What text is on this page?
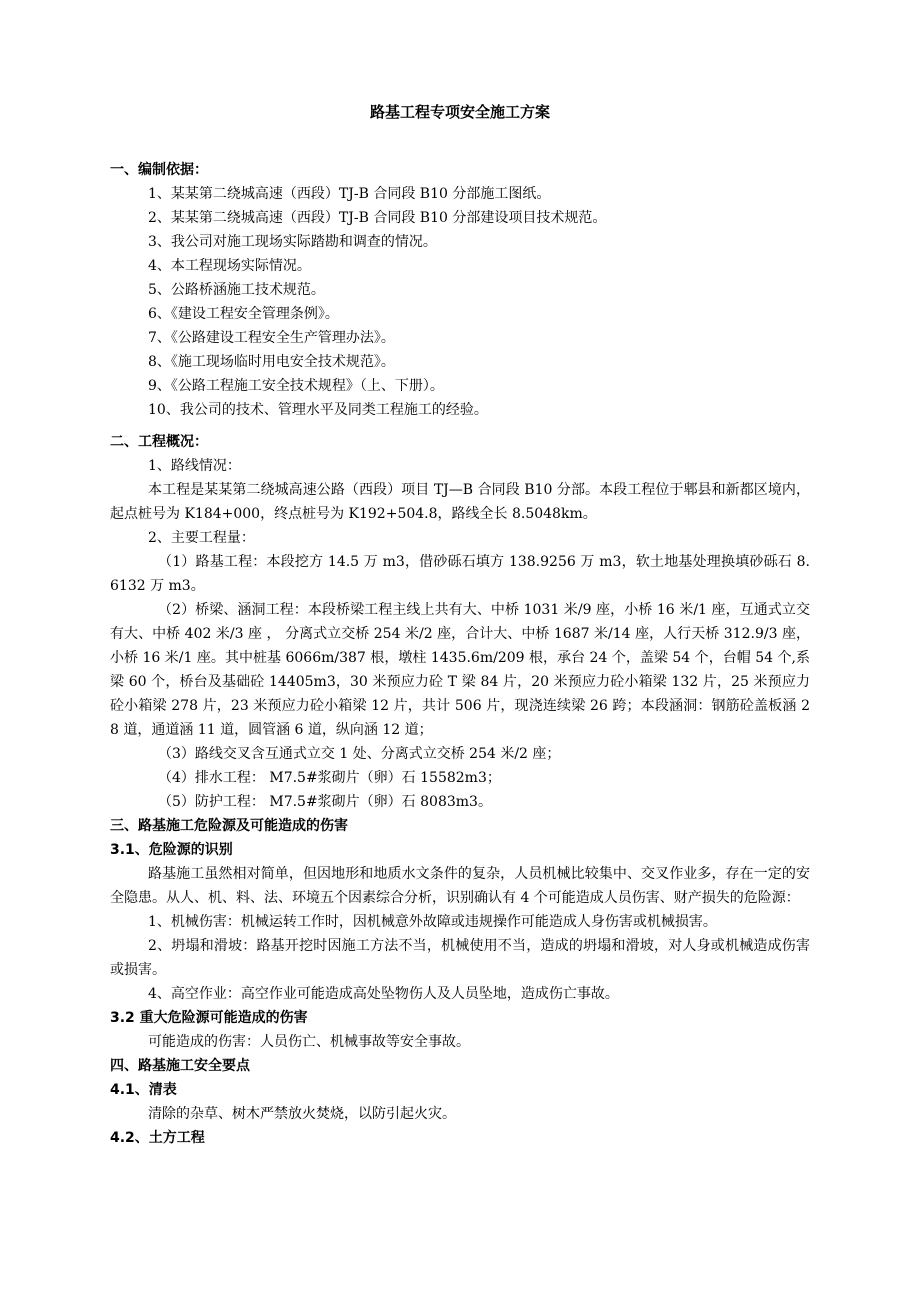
路基工程专项安全施工方案
一、编制依据：
1、某某第二绕城高速（西段）TJ-B 合同段 B10 分部施工图纸。
2、某某第二绕城高速（西段）TJ-B 合同段 B10 分部建设项目技术规范。
3、我公司对施工现场实际踏勘和调查的情况。
4、本工程现场实际情况。
5、公路桥涵施工技术规范。
6、《建设工程安全管理条例》。
7、《公路建设工程安全生产管理办法》。
8、《施工现场临时用电安全技术规范》。
9、《公路工程施工安全技术规程》（上、下册）。
10、我公司的技术、管理水平及同类工程施工的经验。
二、工程概况：
1、路线情况：
本工程是某某第二绕城高速公路（西段）项目 TJ—B 合同段 B10 分部。本段工程位于郫县和新都区境内，起点桩号为 K184+000，终点桩号为 K192+504.8，路线全长 8.5048km。
2、主要工程量：
（1）路基工程：本段挖方 14.5 万 m3，借砂砾石填方 138.9256 万 m3，软土地基处理换填砂砾石 8.6132 万 m3。
（2）桥梁、涵洞工程：本段桥梁工程主线上共有大、中桥 1031 米/9 座，小桥 16 米/1 座，互通式立交有大、中桥 402 米/3 座 ， 分离式立交桥 254 米/2 座，合计大、中桥 1687 米/14 座，人行天桥 312.9/3 座，小桥 16 米/1 座。其中桩基 6066m/387 根，墩柱 1435.6m/209 根，承台 24 个，盖梁 54 个，台帽 54 个,系梁 60 个，桥台及基础砼 14405m3，30 米预应力砼 T 梁 84 片，20 米预应力砼小箱梁 132 片，25 米预应力砼小箱梁 278 片，23 米预应力砼小箱梁 12 片，共计 506 片，现浇连续梁 26 跨；本段涵洞：钢筋砼盖板涵 28 道，通道涵 11 道，圆管涵 6 道，纵向涵 12 道；
（3）路线交叉含互通式立交 1 处、分离式立交桥 254 米/2 座；
（4）排水工程： M7.5#浆砌片（卵）石 15582m3；
（5）防护工程： M7.5#浆砌片（卵）石 8083m3。
三、路基施工危险源及可能造成的伤害
3.1、危险源的识别
路基施工虽然相对简单，但因地形和地质水文条件的复杂，人员机械比较集中、交叉作业多，存在一定的安全隐患。从人、机、料、法、环境五个因素综合分析，识别确认有 4 个可能造成人员伤害、财产损失的危险源：
1、机械伤害：机械运转工作时，因机械意外故障或违规操作可能造成人身伤害或机械损害。
2、坍塌和滑坡：路基开挖时因施工方法不当，机械使用不当，造成的坍塌和滑坡，对人身或机械造成伤害或损害。
4、高空作业：高空作业可能造成高处坠物伤人及人员坠地，造成伤亡事故。
3.2 重大危险源可能造成的伤害
可能造成的伤害：人员伤亡、机械事故等安全事故。
四、路基施工安全要点
4.1、清表
清除的杂草、树木严禁放火焚烧，以防引起火灾。
4.2、土方工程
